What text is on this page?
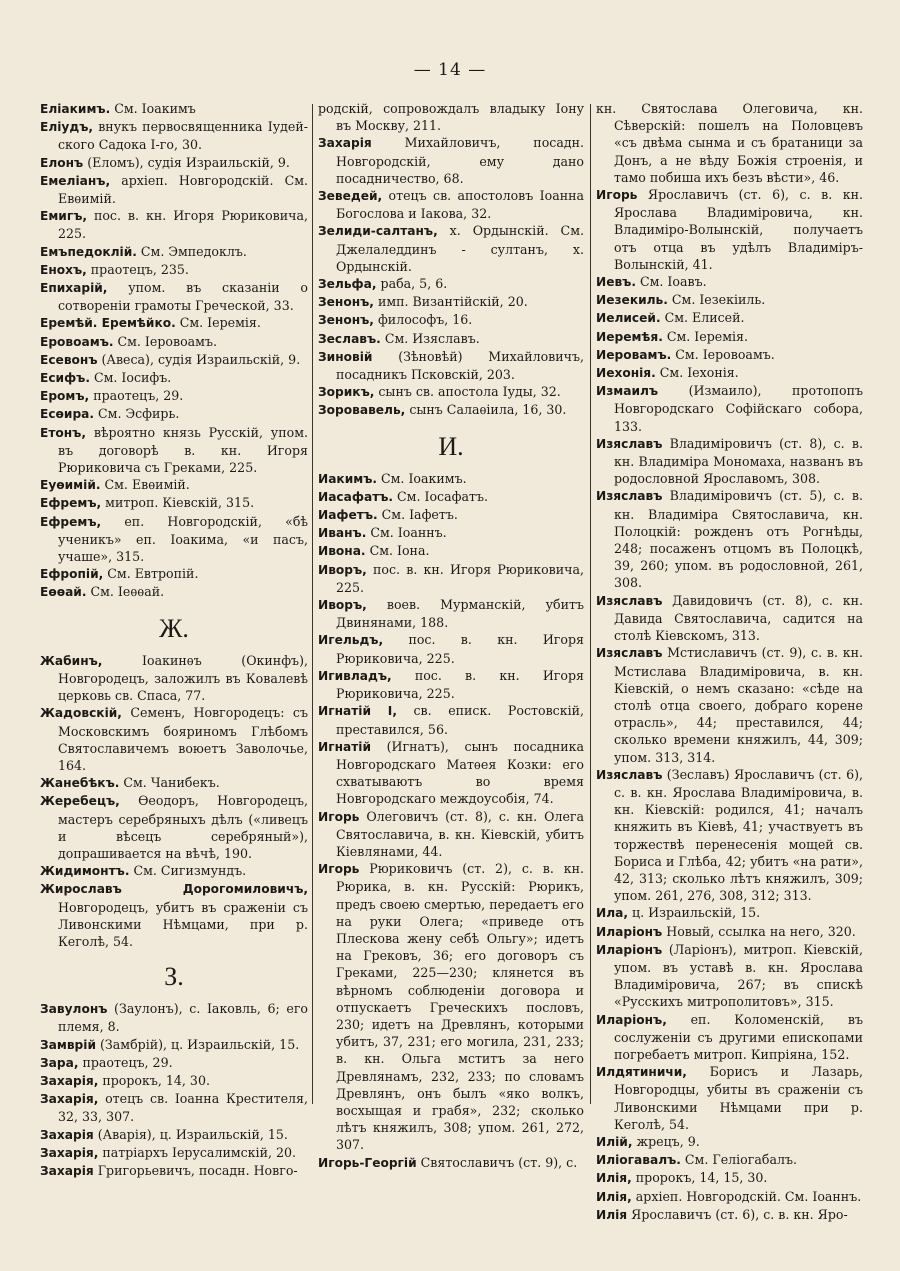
— 14 —

Еліакимъ. См. Іоакимъ

Еліудъ, внукъ первосвященника Іудей-ского Садока I-го, 30.

Елонъ (Еломъ), судія Израильскій, 9.

Емеліанъ, архіеп. Новгородскій. См. Евѳимій.

Емигъ, пос. в. кн. Игоря Рюриковича, 225.

Емъпедоклій. См. Эмпедоклъ.

Енохъ, праотецъ, 235.

Епихарій, упом. въ сказаніи о сотвореніи грамоты Греческой, 33.

Еремѣй. Еремѣйко. См. Іеремія.

Еровоамъ. См. Іеровоамъ.

Есевонъ (Авеса), судія Израильскій, 9.

Есифъ. См. Іосифъ.

Еромъ, праотецъ, 29.

Есѳира. См. Эсфирь.

Етонъ, вѣроятно князь Русскій, упом. въ договорѣ в. кн. Игоря Рюриковича съ Греками, 225.

Еуѳимій. См. Евѳимій.

Ефремъ, митроп. Кіевскій, 315.

Ефремъ, еп. Новгородскій, «бѣ ученикъ» еп. Іоакима, «и пасъ, учаше», 315.

Ефропій, См. Евтропій.

Еѳѳай. См. Іеѳѳай.

Ж.

Жабинъ, Іоакинѳъ (Окинфъ), Новгородецъ, заложилъ въ Ковалевѣ церковь св. Спаса, 77.

Жадовскій, Семенъ, Новгородецъ: съ Московскимъ бояриномъ Глѣбомъ Святославичемъ воюетъ Заволочье, 164.

Жанебѣкъ. См. Чанибекъ.

Жеребецъ, Ѳеодоръ, Новгородецъ, мастеръ серебряныхъ дѣлъ («ливецъ и вѣсецъ серебряный»), допрашивается на вѣчѣ, 190.

Жидимонтъ. См. Сигизмундъ.

Жирославъ Дорогомиловичъ, Новгородецъ, убитъ въ сраженіи съ Ливонскими Нѣмцами, при р. Кеголѣ, 54.

З.

Завулонъ (Заулонъ), с. Іаковль, 6; его племя, 8.

Замврій (Замбрій), ц. Израильскій, 15.

Зара, праотецъ, 29.

Захарія, пророкъ, 14, 30.

Захарія, отецъ св. Іоанна Крестителя, 32, 33, 307.

Захарія (Аварія), ц. Израильскій, 15.

Захарія, патріархъ Іерусалимскій, 20.

Захарія Григорьевичъ, посадн. Новго-

родскій, сопровождалъ владыку Іону въ Москву, 211.

Захарія Михайловичъ, посадн. Новгородскій, ему дано посадничество, 68.

Зеведей, отецъ св. апостоловъ Іоанна Богослова и Іакова, 32.

Зелиди-салтанъ, х. Ордынскій. См. Джелаледдинъ - султанъ, х. Ордынскій.

Зельфа, раба, 5, 6.

Зенонъ, имп. Византійскій, 20.

Зенонъ, философъ, 16.

Зеславъ. См. Изяславъ.

Зиновій (Зѣновѣй) Михайловичъ, посадникъ Псковскій, 203.

Зорикъ, сынъ св. апостола Іуды, 32.

Зоровавель, сынъ Салаѳіила, 16, 30.

И.

Иакимъ. См. Іоакимъ.

Иасафатъ. См. Іосафатъ.

Иафетъ. См. Іафетъ.

Иванъ. См. Іоаннъ.

Ивона. См. Іона.

Иворъ, пос. в. кн. Игоря Рюриковича, 225.

Иворъ, воев. Мурманскій, убитъ Двинянами, 188.

Игельдъ, пос. в. кн. Игоря Рюриковича, 225.

Игивладъ, пос. в. кн. Игоря Рюриковича, 225.

Игнатій I, св. еписк. Ростовскій, преставился, 56.

Игнатій (Игнатъ), сынъ посадника Новгородскаго Матѳея Козки: его схватываютъ во время Новгородскаго междоусобія, 74.

Игорь Олеговичъ (ст. 8), с. кн. Олега Святославича, в. кн. Кіевскій, убитъ Кіевлянами, 44.

Игорь Рюриковичъ (ст. 2), с. в. кн. Рюрика, в. кн. Русскій: Рюрикъ, предъ своею смертью, передаетъ его на руки Олега; «приведе отъ Плескова жену себѣ Ольгу»; идетъ на Грековъ, 36; его договоръ съ Греками, 225—230; клянется въ вѣрномъ соблюденіи договора и отпускаетъ Греческихъ пословъ, 230; идетъ на Древлянъ, которыми убитъ, 37, 231; его могила, 231, 233; в. кн. Ольга мститъ за него Древлянамъ, 232, 233; по словамъ Древлянъ, онъ былъ «яко волкъ, восхыщая и грабя», 232; сколько лѣтъ княжилъ, 308; упом. 261, 272, 307.

Игорь-Георгій Святославичъ (ст. 9), с.

кн. Святослава Олеговича, кн. Сѣверскій: пошелъ на Половцевъ «съ двѣма сынма и съ братаници за Донъ, а не вѣду Божія строенія, и тамо побиша ихъ безъ вѣсти», 46.

Игорь Ярославичъ (ст. 6), с. в. кн. Ярослава Владиміровича, кн. Владиміро-Волынскій, получаетъ отъ отца въ удѣлъ Владиміръ-Волынскій, 41.

Иевъ. См. Іоавъ.

Иезекиль. См. Іезекіиль.

Иелисей. См. Елисей.

Иеремѣя. См. Іеремія.

Иеровамъ. См. Іеровоамъ.

Иехонія. См. Іехонія.

Измаилъ (Измаило), протопопъ Новгородскаго Софійскаго собора, 133.

Изяславъ Владиміровичъ (ст. 8), с. в. кн. Владиміра Мономаха, названъ въ родословной Ярославомъ, 308.

Изяславъ Владиміровичъ (ст. 5), с. в. кн. Владиміра Святославича, кн. Полоцкій: рожденъ отъ Рогнѣды, 248; посаженъ отцомъ въ Полоцкѣ, 39, 260; упом. въ родословной, 261, 308.

Изяславъ Давидовичъ (ст. 8), с. кн. Давида Святославича, садится на столѣ Кіевскомъ, 313.

Изяславъ Мстиславичъ (ст. 9), с. в. кн. Мстислава Владиміровича, в. кн. Кіевскій, о немъ сказано: «сѣде на столѣ отца своего, добраго корене отрасль», 44; преставился, 44; сколько времени княжилъ, 44, 309; упом. 313, 314.

Изяславъ (Зеславъ) Ярославичъ (ст. 6), с. в. кн. Ярослава Владиміровича, в. кн. Кіевскій: родился, 41; началъ княжить въ Кіевѣ, 41; участвуетъ въ торжествѣ перенесенія мощей св. Бориса и Глѣба, 42; убитъ «на рати», 42, 313; сколько лѣтъ княжилъ, 309; упом. 261, 276, 308, 312; 313.

Ила, ц. Израильскій, 15.

Иларіонъ Новый, ссылка на него, 320.

Иларіонъ (Ларіонъ), митроп. Кіевскій, упом. въ уставѣ в. кн. Ярослава Владиміровича, 267; въ спискѣ «Русскихъ митрополитовъ», 315.

Иларіонъ, еп. Коломенскій, въ сослуженіи съ другими епископами погребаетъ митроп. Кипріяна, 152.

Илдятиничи, Борисъ и Лазарь, Новгородцы, убиты въ сраженіи съ Ливонскими Нѣмцами при р. Кеголѣ, 54.

Илій, жрецъ, 9.

Иліогавалъ. См. Геліогабалъ.

Илія, пророкъ, 14, 15, 30.

Илія, архіеп. Новгородскій. См. Іоаннъ.

Илія Ярославичъ (ст. 6), с. в. кн. Яро-
